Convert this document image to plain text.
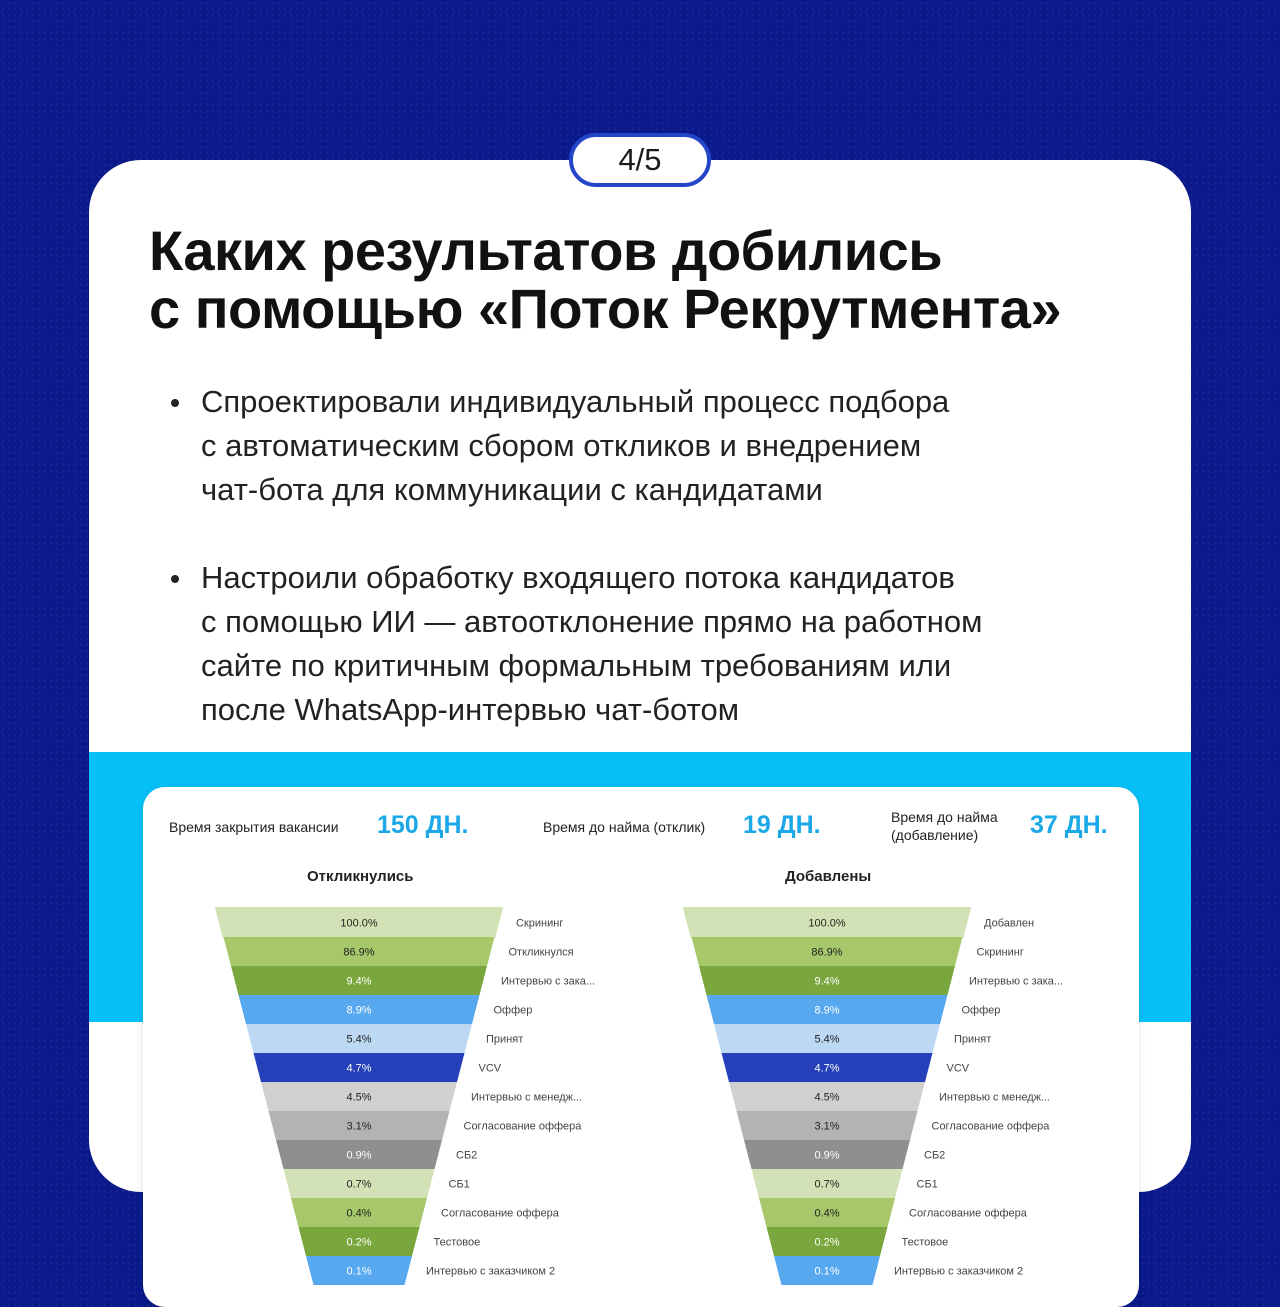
Каких результатов добились
с помощью «Поток Рекрутмента»
Спроектировали индивидуальный процесс подбора
с автоматическим сбором откликов и внедрением
чат-бота для коммуникации с кандидатами
Настроили обработку входящего потока кандидатов
с помощью ИИ — автоотклонение прямо на работном
сайте по критичным формальным требованиям или
после WhatsApp-интервью чат-ботом
4/5
Время закрытия вакансии 150 ДН.	Время до найма (отклик) 19 ДН.	Время до найма
(добавление)	37 ДН.
Откликнулись	Добавлены
100.0%	Скрининг
86.9%	Откликнулся
9.4%	Интервью с зака...
8.9%	Оффер
5.4%	Принят
4.7%	VCV
4.5%	Интервью с менедж...
3.1%	Согласование оффера
0.9%	СБ2
0.7%	СБ1
0.4%	Согласование оффера
0.2%	Тестовое
0.1%	Интервью с заказчиком 2
100.0%	Добавлен
86.9%	Скрининг
9.4%	Интервью с зака...
8.9%	Оффер
5.4%	Принят
4.7%	VCV
4.5%	Интервью с менедж...
3.1%	Согласование оффера
0.9%	СБ2
0.7%	СБ1
0.4%	Согласование оффера
0.2%	Тестовое
0.1%	Интервью с заказчиком 2
